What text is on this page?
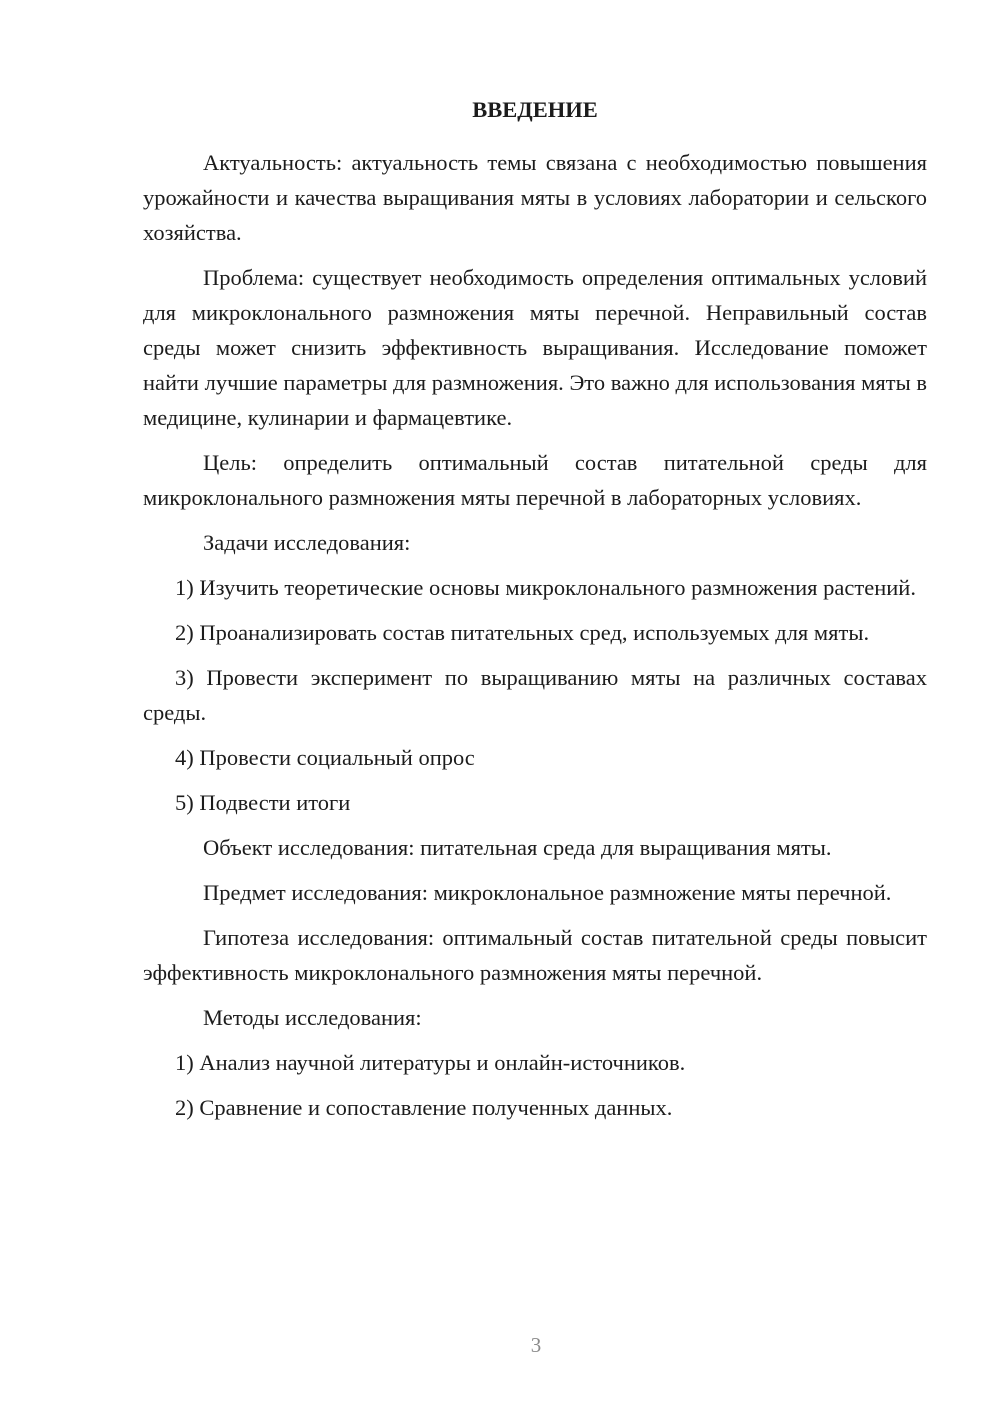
ВВЕДЕНИЕ

Актуальность: актуальность темы связана с необходимостью повышения урожайности и качества выращивания мяты в условиях лаборатории и сельского хозяйства.

Проблема: существует необходимость определения оптимальных условий для микроклонального размножения мяты перечной. Неправильный состав среды может снизить эффективность выращивания. Исследование поможет найти лучшие параметры для размножения. Это важно для использования мяты в медицине, кулинарии и фармацевтике.

Цель: определить оптимальный состав питательной среды для микроклонального размножения мяты перечной в лабораторных условиях.

Задачи исследования:

1) Изучить теоретические основы микроклонального размножения растений.

2) Проанализировать состав питательных сред, используемых для мяты.

3) Провести эксперимент по выращиванию мяты на различных составах среды.

4) Провести социальный опрос

5) Подвести итоги

Объект исследования: питательная среда для выращивания мяты.

Предмет исследования: микроклональное размножение мяты перечной.

Гипотеза исследования: оптимальный состав питательной среды повысит эффективность микроклонального размножения мяты перечной.

Методы исследования:

1) Анализ научной литературы и онлайн-источников.

2) Сравнение и сопоставление полученных данных.

3
